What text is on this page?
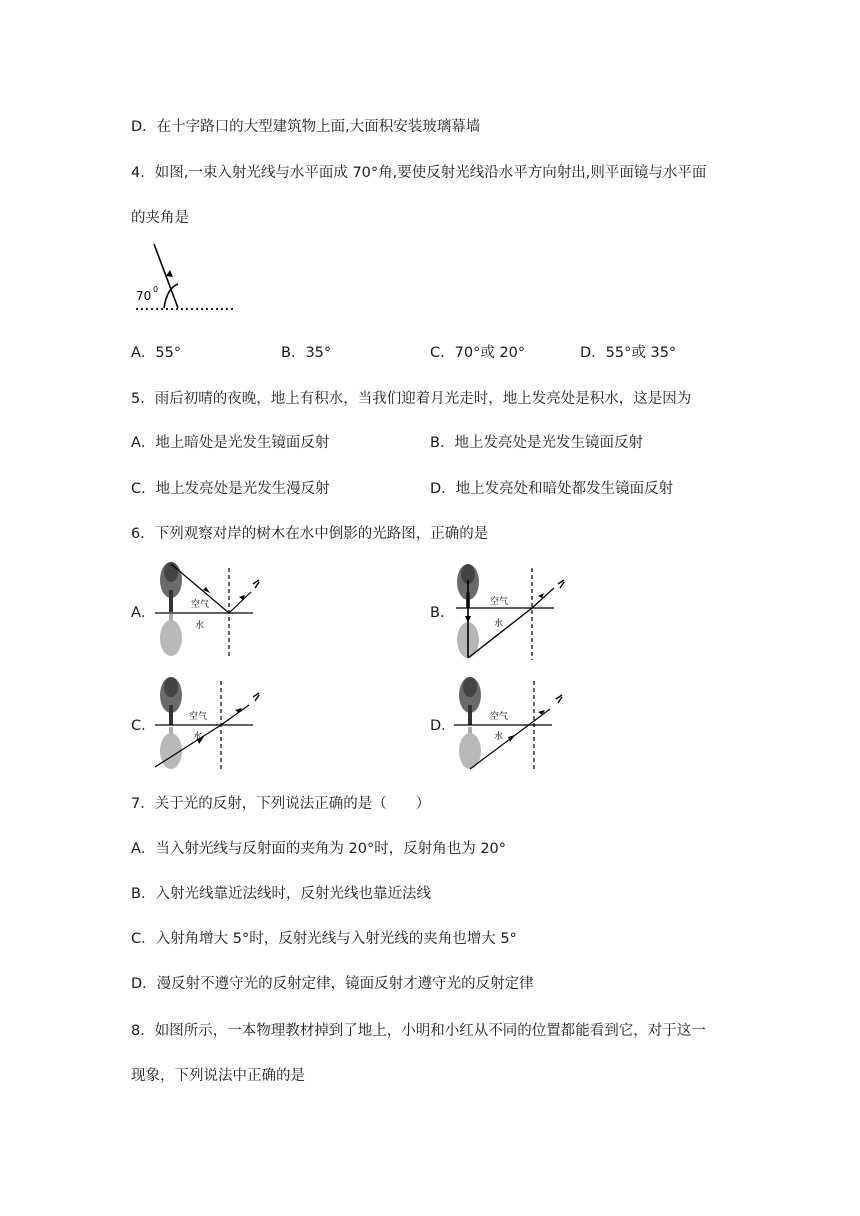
D．在十字路口的大型建筑物上面,大面积安装玻璃幕墙
4．如图,一束入射光线与水平面成 70°角,要使反射光线沿水平方向射出,则平面镜与水平面
的夹角是
70 0
A．55°	B．35°	C．70°或 20°	D．55°或 35°
5．雨后初晴的夜晚，地上有积水，当我们迎着月光走时，地上发亮处是积水，这是因为
A．地上暗处是光发生镜面反射	B．地上发亮处是光发生镜面反射
C．地上发亮处是光发生漫反射	D．地上发亮处和暗处都发生镜面反射
6．下列观察对岸的树木在水中倒影的光路图，正确的是
A．	B．
C．	D．
空气
水
空气
水
空气
水
空气
水
7．关于光的反射，下列说法正确的是（　　）
A．当入射光线与反射面的夹角为 20°时，反射角也为 20°
B．入射光线靠近法线时，反射光线也靠近法线
C．入射角增大 5°时，反射光线与入射光线的夹角也增大 5°
D．漫反射不遵守光的反射定律，镜面反射才遵守光的反射定律
8．如图所示，一本物理教材掉到了地上，小明和小红从不同的位置都能看到它，对于这一
现象，下列说法中正确的是
